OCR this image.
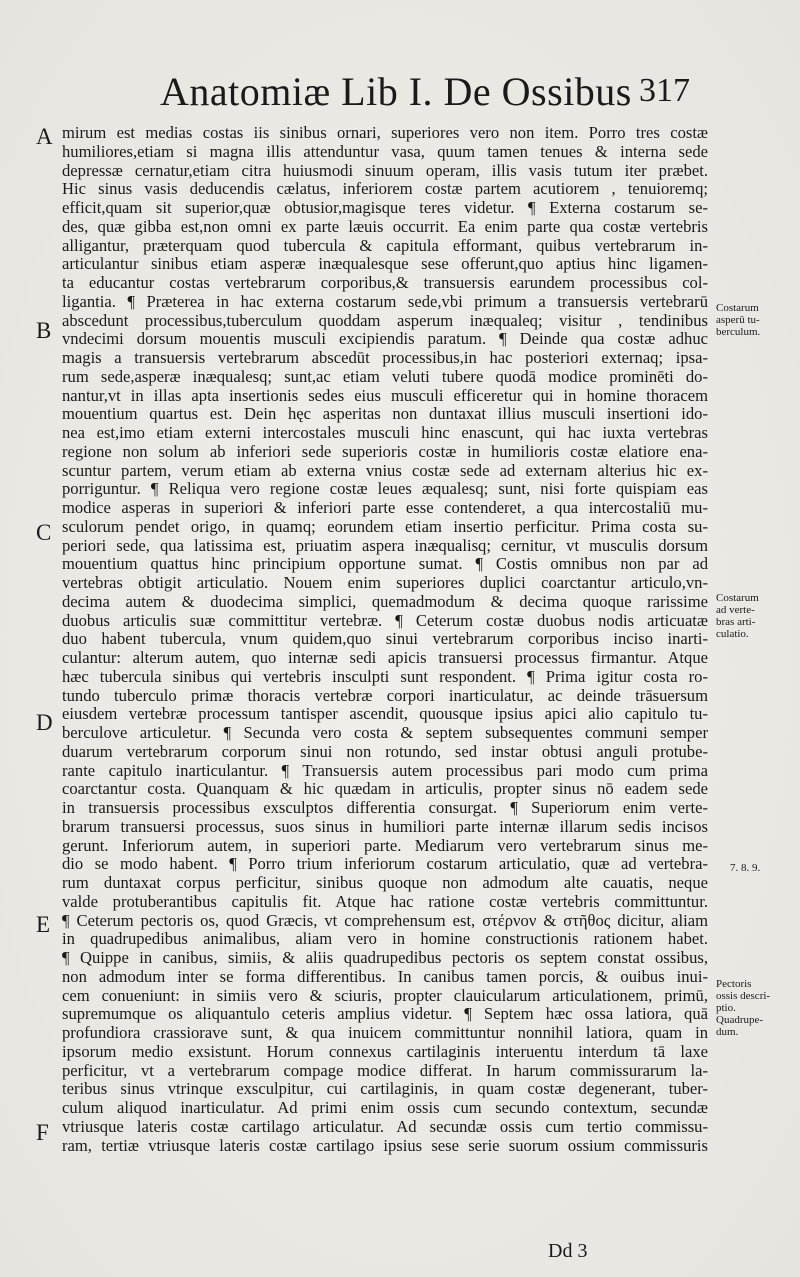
Anatomiæ Lib I. De Ossibus 317
A
B
C
D
E
F
mirum est medias costas iis sinibus ornari, superiores vero non item. Porro tres costæ
humiliores,etiam si magna illis attenduntur vasa, quum tamen tenues & interna sede
depressæ cernatur,etiam citra huiusmodi sinuum operam, illis vasis tutum iter præbet.
Hic sinus vasis deducendis cælatus, inferiorem costæ partem acutiorem , tenuioremq;
efficit,quam sit superior,quæ obtusior,magisque teres videtur. ¶ Externa costarum se-
des, quæ gibba est,non omni ex parte læuis occurrit. Ea enim parte qua costæ vertebris
alligantur, præterquam quod tubercula & capitula efformant, quibus vertebrarum in-
articulantur sinibus etiam asperæ inæqualesque sese offerunt,quo aptius hinc ligamen-
ta educantur costas vertebrarum corporibus,& transuersis earundem processibus col-
ligantia. ¶ Præterea in hac externa costarum sede,vbi primum a transuersis vertebrarū
abscedunt processibus,tuberculum quoddam asperum inæqualeq; visitur , tendinibus
vndecimi dorsum mouentis musculi excipiendis paratum. ¶ Deinde qua costæ adhuc
magis a transuersis vertebrarum abscedūt processibus,in hac posteriori externaq; ipsa-
rum sede,asperæ inæqualesq; sunt,ac etiam veluti tubere quodā modice prominēti do-
nantur,vt in illas apta insertionis sedes eius musculi efficeretur qui in homine thoracem
mouentium quartus est. Dein hęc asperitas non duntaxat illius musculi insertioni ido-
nea est,imo etiam externi intercostales musculi hinc enascunt, qui hac iuxta vertebras
regione non solum ab inferiori sede superioris costæ in humilioris costæ elatiore ena-
scuntur partem, verum etiam ab externa vnius costæ sede ad externam alterius hic ex-
porriguntur. ¶ Reliqua vero regione costæ leues æqualesq; sunt, nisi forte quispiam eas
modice asperas in superiori & inferiori parte esse contenderet, a qua intercostaliū mu-
sculorum pendet origo, in quamq; eorundem etiam insertio perficitur. Prima costa su-
periori sede, qua latissima est, priuatim aspera inæqualisq; cernitur, vt musculis dorsum
mouentium quattus hinc principium opportune sumat. ¶ Costis omnibus non par ad
vertebras obtigit articulatio. Nouem enim superiores duplici coarctantur articulo,vn-
decima autem & duodecima simplici, quemadmodum & decima quoque rarissime
duobus articulis suæ committitur vertebræ. ¶ Ceterum costæ duobus nodis articuatæ
duo habent tubercula, vnum quidem,quo sinui vertebrarum corporibus inciso inarti-
culantur: alterum autem, quo internæ sedi apicis transuersi processus firmantur. Atque
hæc tubercula sinibus qui vertebris insculpti sunt respondent. ¶ Prima igitur costa ro-
tundo tuberculo primæ thoracis vertebræ corpori inarticulatur, ac deinde trāsuersum
eiusdem vertebræ processum tantisper ascendit, quousque ipsius apici alio capitulo tu-
berculove articuletur. ¶ Secunda vero costa & septem subsequentes communi semper
duarum vertebrarum corporum sinui non rotundo, sed instar obtusi anguli protube-
rante capitulo inarticulantur. ¶ Transuersis autem processibus pari modo cum prima
coarctantur costa. Quanquam & hic quædam in articulis, propter sinus nō eadem sede
in transuersis processibus exsculptos differentia consurgat. ¶ Superiorum enim verte-
brarum transuersi processus, suos sinus in humiliori parte internæ illarum sedis incisos
gerunt. Inferiorum autem, in superiori parte. Mediarum vero vertebrarum sinus me-
dio se modo habent. ¶ Porro trium inferiorum costarum articulatio, quæ ad vertebra-
rum duntaxat corpus perficitur, sinibus quoque non admodum alte cauatis, neque
valde protuberantibus capitulis fit. Atque hac ratione costæ vertebris committuntur.
¶ Ceterum pectoris os, quod Græcis, vt comprehensum est, στέρνον & στῆθος dicitur, aliam
in quadrupedibus animalibus, aliam vero in homine constructionis rationem habet.
¶ Quippe in canibus, simiis, & aliis quadrupedibus pectoris os septem constat ossibus,
non admodum inter se forma differentibus. In canibus tamen porcis, & ouibus inui-
cem conueniunt: in simiis vero & sciuris, propter clauicularum articulationem, primū,
supremumque os aliquantulo ceteris amplius videtur. ¶ Septem hæc ossa latiora, quā
profundiora crassiorave sunt, & qua inuicem committuntur nonnihil latiora, quam in
ipsorum medio exsistunt. Horum connexus cartilaginis interuentu interdum tā laxe
perficitur, vt a vertebrarum compage modice differat. In harum commissurarum la-
teribus sinus vtrinque exsculpitur, cui cartilaginis, in quam costæ degenerant, tuber-
culum aliquod inarticulatur. Ad primi enim ossis cum secundo contextum, secundæ
vtriusque lateris costæ cartilago articulatur. Ad secundæ ossis cum tertio commissu-
ram, tertiæ vtriusque lateris costæ cartilago ipsius sese serie suorum ossium commissuris
Costarum
asperū tu-
berculum.
Costarum
ad verte-
bras arti-
culatio.
7. 8. 9.
Pectoris
ossis descri-
ptio.
Quadrupe-
dum.
Dd 3
